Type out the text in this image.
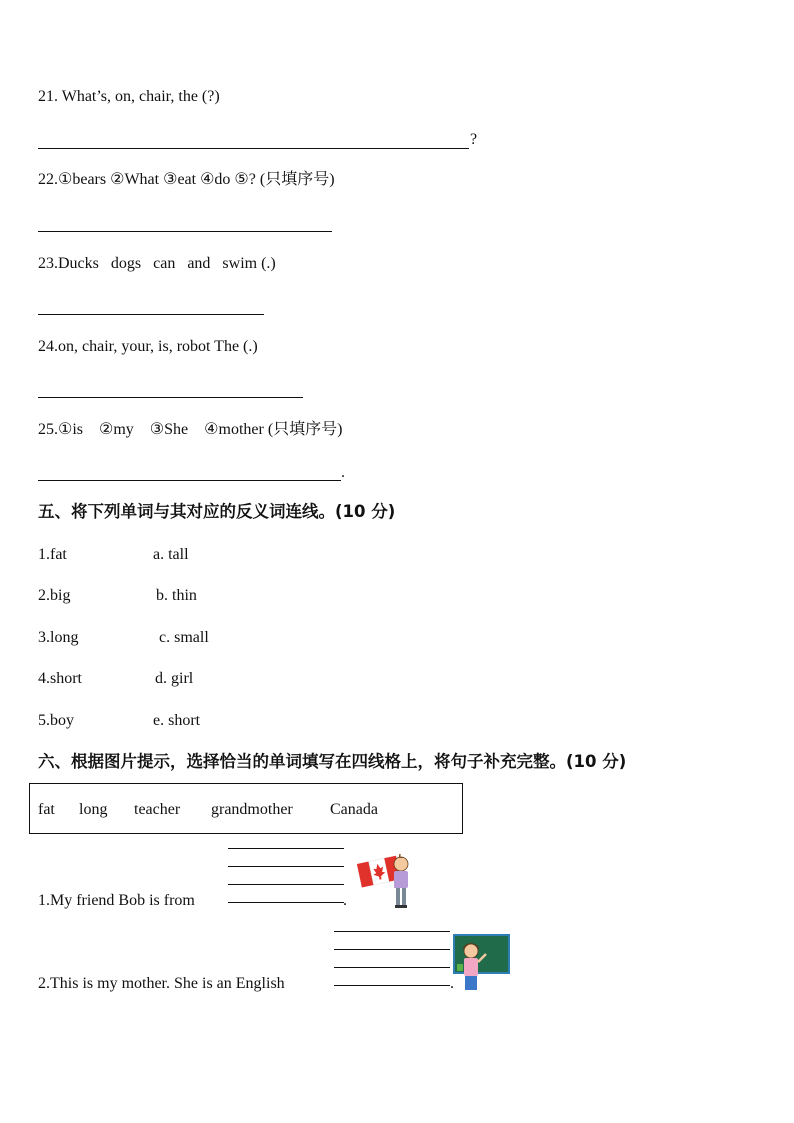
21. What’s, on, chair, the (?)
?
22.①bears ②What ③eat ④do ⑤? (只填序号)
23.Ducks   dogs   can   and   swim (.)
24.on, chair, your, is, robot The (.)
25.①is    ②my    ③She    ④mother (只填序号)
.
五、将下列单词与其对应的反义词连线。(10 分)
1.fat	a. tall
2.big	b. thin
3.long	c. small
4.short	d. girl
5.boy	e. short
六、根据图片提示，选择恰当的单词填写在四线格上，将句子补充完整。(10 分)
fat long teacher grandmother Canada
1.My friend Bob is from	.
2.This is my mother. She is an English	.
